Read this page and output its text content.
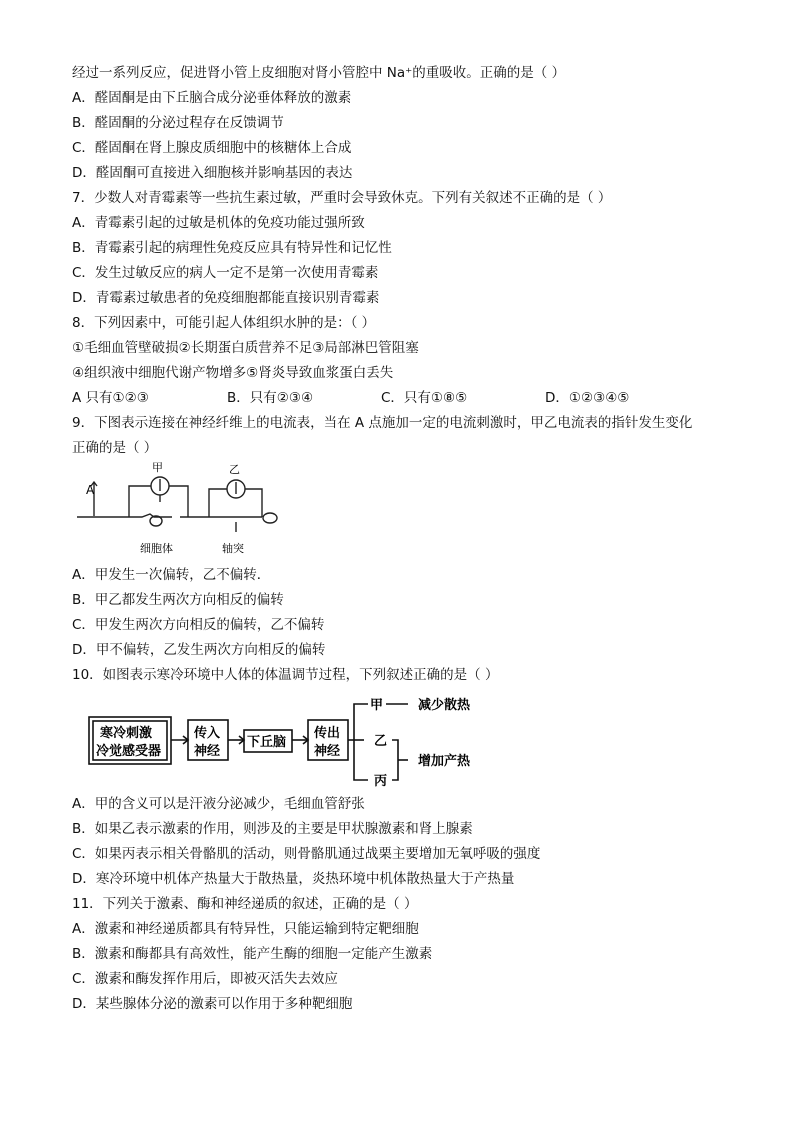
经过一系列反应，促进肾小管上皮细胞对肾小管腔中 Na⁺的重吸收。正确的是（ ）
A．醛固酮是由下丘脑合成分泌垂体释放的激素
B．醛固酮的分泌过程存在反馈调节
C．醛固酮在肾上腺皮质细胞中的核糖体上合成
D．醛固酮可直接进入细胞核并影响基因的表达
7．少数人对青霉素等一些抗生素过敏，严重时会导致休克。下列有关叙述不正确的是（ ）
A．青霉素引起的过敏是机体的免疫功能过强所致
B．青霉素引起的病理性免疫反应具有特异性和记忆性
C．发生过敏反应的病人一定不是第一次使用青霉素
D．青霉素过敏患者的免疫细胞都能直接识别青霉素
8．下列因素中，可能引起人体组织水肿的是：（ ）
①毛细血管壁破损②长期蛋白质营养不足③局部淋巴管阻塞
④组织液中细胞代谢产物增多⑤肾炎导致血浆蛋白丢失
A 只有①②③	B．只有②③④	C．只有①⑧⑤	D．①②③④⑤
9．下图表示连接在神经纤维上的电流表，当在 A 点施加一定的电流刺激时，甲乙电流表的指针发生变化
正确的是（ ）
A
甲	乙
细胞体	轴突
A．甲发生一次偏转，乙不偏转．
B．甲乙都发生两次方向相反的偏转
C．甲发生两次方向相反的偏转，乙不偏转
D．甲不偏转，乙发生两次方向相反的偏转
10．如图表示寒冷环境中人体的体温调节过程，下列叙述正确的是（ ）
寒冷刺激
冷觉感受器
传入
神经
下丘脑
传出
神经
甲
乙
丙
减少散热
增加产热
A．甲的含义可以是汗液分泌减少，毛细血管舒张
B．如果乙表示激素的作用，则涉及的主要是甲状腺激素和肾上腺素
C．如果丙表示相关骨骼肌的活动，则骨骼肌通过战栗主要增加无氧呼吸的强度
D．寒冷环境中机体产热量大于散热量，炎热环境中机体散热量大于产热量
11．下列关于激素、酶和神经递质的叙述，正确的是（ ）
A．激素和神经递质都具有特异性，只能运输到特定靶细胞
B．激素和酶都具有高效性，能产生酶的细胞一定能产生激素
C．激素和酶发挥作用后，即被灭活失去效应
D．某些腺体分泌的激素可以作用于多种靶细胞
